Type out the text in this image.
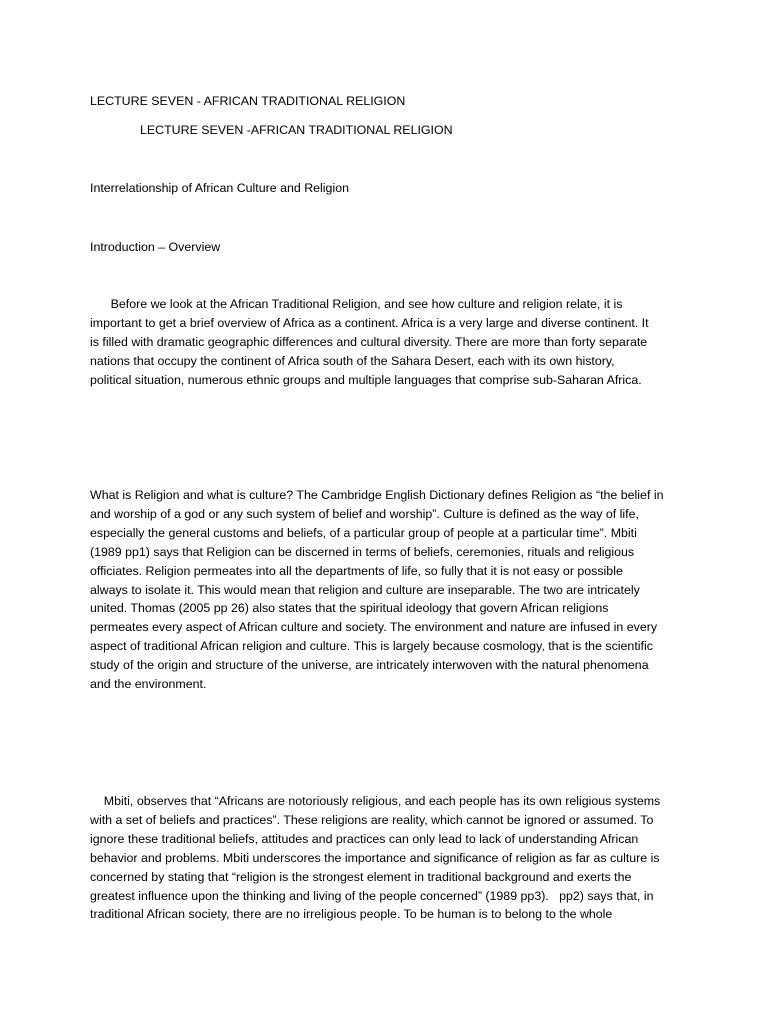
LECTURE SEVEN - AFRICAN TRADITIONAL RELIGION
LECTURE SEVEN -AFRICAN TRADITIONAL RELIGION
Interrelationship of African Culture and Religion
Introduction – Overview
Before we look at the African Traditional Religion, and see how culture and religion relate, it is
important to get a brief overview of Africa as a continent. Africa is a very large and diverse continent. It
is filled with dramatic geographic differences and cultural diversity. There are more than forty separate
nations that occupy the continent of Africa south of the Sahara Desert, each with its own history,
political situation, numerous ethnic groups and multiple languages that comprise sub-Saharan Africa.
What is Religion and what is culture? The Cambridge English Dictionary defines Religion as “the belief in
and worship of a god or any such system of belief and worship”. Culture is defined as the way of life,
especially the general customs and beliefs, of a particular group of people at a particular time”. Mbiti
(1989 pp1) says that Religion can be discerned in terms of beliefs, ceremonies, rituals and religious
officiates. Religion permeates into all the departments of life, so fully that it is not easy or possible
always to isolate it. This would mean that religion and culture are inseparable. The two are intricately
united. Thomas (2005 pp 26) also states that the spiritual ideology that govern African religions
permeates every aspect of African culture and society. The environment and nature are infused in every
aspect of traditional African religion and culture. This is largely because cosmology, that is the scientific
study of the origin and structure of the universe, are intricately interwoven with the natural phenomena
and the environment.
Mbiti, observes that “Africans are notoriously religious, and each people has its own religious systems
with a set of beliefs and practices”. These religions are reality, which cannot be ignored or assumed. To
ignore these traditional beliefs, attitudes and practices can only lead to lack of understanding African
behavior and problems. Mbiti underscores the importance and significance of religion as far as culture is
concerned by stating that “religion is the strongest element in traditional background and exerts the
greatest influence upon the thinking and living of the people concerned” (1989 pp3).   pp2) says that, in
traditional African society, there are no irreligious people. To be human is to belong to the whole
